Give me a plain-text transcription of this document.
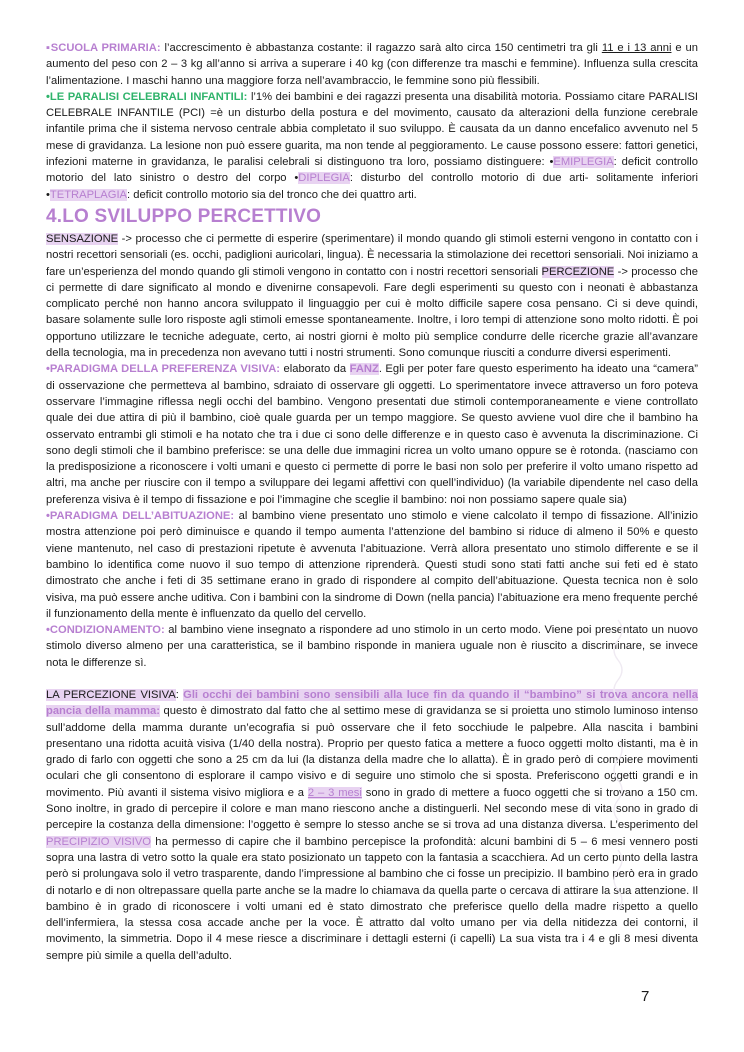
▪SCUOLA PRIMARIA: l’accrescimento è abbastanza costante: il ragazzo sarà alto circa 150 centimetri tra gli 11 e i 13 anni e un aumento del peso con 2 – 3 kg all’anno si arriva a superare i 40 kg (con differenze tra maschi e femmine). Influenza sulla crescita l’alimentazione. I maschi hanno una maggiore forza nell’avambraccio, le femmine sono più flessibili.

•LE PARALISI CELEBRALI INFANTILI: l’1% dei bambini e dei ragazzi presenta una disabilità motoria. Possiamo citare PARALISI CELEBRALE INFANTILE (PCI) =è un disturbo della postura e del movimento, causato da alterazioni della funzione cerebrale infantile prima che il sistema nervoso centrale abbia completato il suo sviluppo. È causata da un danno encefalico avvenuto nel 5 mese di gravidanza. La lesione non può essere guarita, ma non tende al peggioramento. Le cause possono essere: fattori genetici, infezioni materne in gravidanza, le paralisi celebrali si distinguono tra loro, possiamo distinguere: •EMIPLEGIA: deficit controllo motorio del lato sinistro o destro del corpo •DIPLEGIA: disturbo del controllo motorio di due arti- solitamente inferiori •TETRAPLAGIA: deficit controllo motorio sia del tronco che dei quattro arti.

4.LO SVILUPPO PERCETTIVO

SENSAZIONE -> processo che ci permette di esperire (sperimentare) il mondo quando gli stimoli esterni vengono in contatto con i nostri recettori sensoriali (es. occhi, padiglioni auricolari, lingua). È necessaria la stimolazione dei recettori sensoriali. Noi iniziamo a fare un’esperienza del mondo quando gli stimoli vengono in contatto con i nostri recettori sensoriali PERCEZIONE -> processo che ci permette di dare significato al mondo e divenirne consapevoli. Fare degli esperimenti su questo con i neonati è abbastanza complicato perché non hanno ancora sviluppato il linguaggio per cui è molto difficile sapere cosa pensano. Ci si deve quindi, basare solamente sulle loro risposte agli stimoli emesse spontaneamente. Inoltre, i loro tempi di attenzione sono molto ridotti. È poi opportuno utilizzare le tecniche adeguate, certo, ai nostri giorni è molto più semplice condurre delle ricerche grazie all’avanzare della tecnologia, ma in precedenza non avevano tutti i nostri strumenti. Sono comunque riusciti a condurre diversi esperimenti.

•PARADIGMA DELLA PREFERENZA VISIVA: elaborato da FANZ. Egli per poter fare questo esperimento ha ideato una “camera” di osservazione che permetteva al bambino, sdraiato di osservare gli oggetti. Lo sperimentatore invece attraverso un foro poteva osservare l’immagine riflessa negli occhi del bambino. Vengono presentati due stimoli contemporaneamente e viene controllato quale dei due attira di più il bambino, cioè quale guarda per un tempo maggiore. Se questo avviene vuol dire che il bambino ha osservato entrambi gli stimoli e ha notato che tra i due ci sono delle differenze e in questo caso è avvenuta la discriminazione. Ci sono degli stimoli che il bambino preferisce: se una delle due immagini ricrea un volto umano oppure se è rotonda. (nasciamo con la predisposizione a riconoscere i volti umani e questo ci permette di porre le basi non solo per preferire il volto umano rispetto ad altri, ma anche per riuscire con il tempo a sviluppare dei legami affettivi con quell’individuo) (la variabile dipendente nel caso della preferenza visiva è il tempo di fissazione e poi l’immagine che sceglie il bambino: noi non possiamo sapere quale sia)

•PARADIGMA DELL’ABITUAZIONE: al bambino viene presentato uno stimolo e viene calcolato il tempo di fissazione. All’inizio mostra attenzione poi però diminuisce e quando il tempo aumenta l’attenzione del bambino si riduce di almeno il 50% e questo viene mantenuto, nel caso di prestazioni ripetute è avvenuta l’abituazione. Verrà allora presentato uno stimolo differente e se il bambino lo identifica come nuovo il suo tempo di attenzione riprenderà. Questi studi sono stati fatti anche sui feti ed è stato dimostrato che anche i feti di 35 settimane erano in grado di rispondere al compito dell’abituazione. Questa tecnica non è solo visiva, ma può essere anche uditiva. Con i bambini con la sindrome di Down (nella pancia) l’abituazione era meno frequente perché il funzionamento della mente è influenzato da quello del cervello.

•CONDIZIONAMENTO: al bambino viene insegnato a rispondere ad uno stimolo in un certo modo. Viene poi presentato un nuovo stimolo diverso almeno per una caratteristica, se il bambino risponde in maniera uguale non è riuscito a discriminare, se invece nota le differenze sì.

LA PERCEZIONE VISIVA: Gli occhi dei bambini sono sensibili alla luce fin da quando il “bambino” si trova ancora nella pancia della mamma: questo è dimostrato dal fatto che al settimo mese di gravidanza se si proietta uno stimolo luminoso intenso sull’addome della mamma durante un’ecografia si può osservare che il feto socchiude le palpebre. Alla nascita i bambini presentano una ridotta acuità visiva (1/40 della nostra). Proprio per questo fatica a mettere a fuoco oggetti molto distanti, ma è in grado di farlo con oggetti che sono a 25 cm da lui (la distanza della madre che lo allatta). È in grado però di compiere movimenti oculari che gli consentono di esplorare il campo visivo e di seguire uno stimolo che si sposta. Preferiscono oggetti grandi e in movimento. Più avanti il sistema visivo migliora e a 2 – 3 mesi sono in grado di mettere a fuoco oggetti che si trovano a 150 cm. Sono inoltre, in grado di percepire il colore e man mano riescono anche a distinguerli. Nel secondo mese di vita sono in grado di percepire la costanza della dimensione: l’oggetto è sempre lo stesso anche se si trova ad una distanza diversa. L’esperimento del PRECIPIZIO VISIVO ha permesso di capire che il bambino percepisce la profondità: alcuni bambini di 5 – 6 mesi vennero posti sopra una lastra di vetro sotto la quale era stato posizionato un tappeto con la fantasia a scacchiera. Ad un certo punto della lastra però si prolungava solo il vetro trasparente, dando l’impressione al bambino che ci fosse un precipizio. Il bambino però era in grado di notarlo e di non oltrepassare quella parte anche se la madre lo chiamava da quella parte o cercava di attirare la sua attenzione. Il bambino è in grado di riconoscere i volti umani ed è stato dimostrato che preferisce quello della madre rispetto a quello dell’infermiera, la stessa cosa accade anche per la voce. È attratto dal volto umano per via della nitidezza dei contorni, il movimento, la simmetria. Dopo il 4 mese riesce a discriminare i dettagli esterni (i capelli) La sua vista tra i 4 e gli 8 mesi diventa sempre più simile a quella dell’adulto.

7
